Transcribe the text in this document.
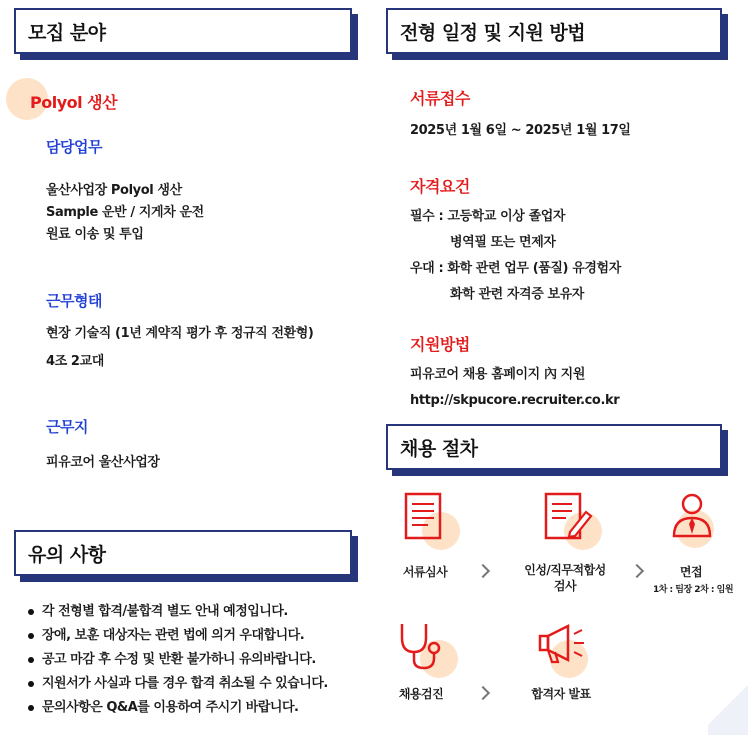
모집 분야
Polyol 생산
담당업무
울산사업장 Polyol 생산
Sample 운반 / 지게차 운전
원료 이송 및 투입
근무형태
현장 기술직 (1년 계약직 평가 후 정규직 전환형)
4조 2교대
근무지
피유코어 울산사업장
유의 사항
각 전형별 합격/불합격 별도 안내 예정입니다.
장애, 보훈 대상자는 관련 법에 의거 우대합니다.
공고 마감 후 수정 및 반환 불가하니 유의바랍니다.
지원서가 사실과 다를 경우 합격 취소될 수 있습니다.
문의사항은 Q&A를 이용하여 주시기 바랍니다.
전형 일정 및 지원 방법
서류접수
2025년 1월 6일 ~ 2025년 1월 17일
자격요건
필수 : 고등학교 이상 졸업자
병역필 또는 면제자
우대 : 화학 관련 업무 (품질) 유경험자
화학 관련 자격증 보유자
지원방법
피유코어 채용 홈페이지 內 지원
http://skpucore.recruiter.co.kr
채용 절차
서류심사	인성/직무적합성
검사
면접
1차 : 팀장 2차 : 임원
채용검진	합격자 발표
